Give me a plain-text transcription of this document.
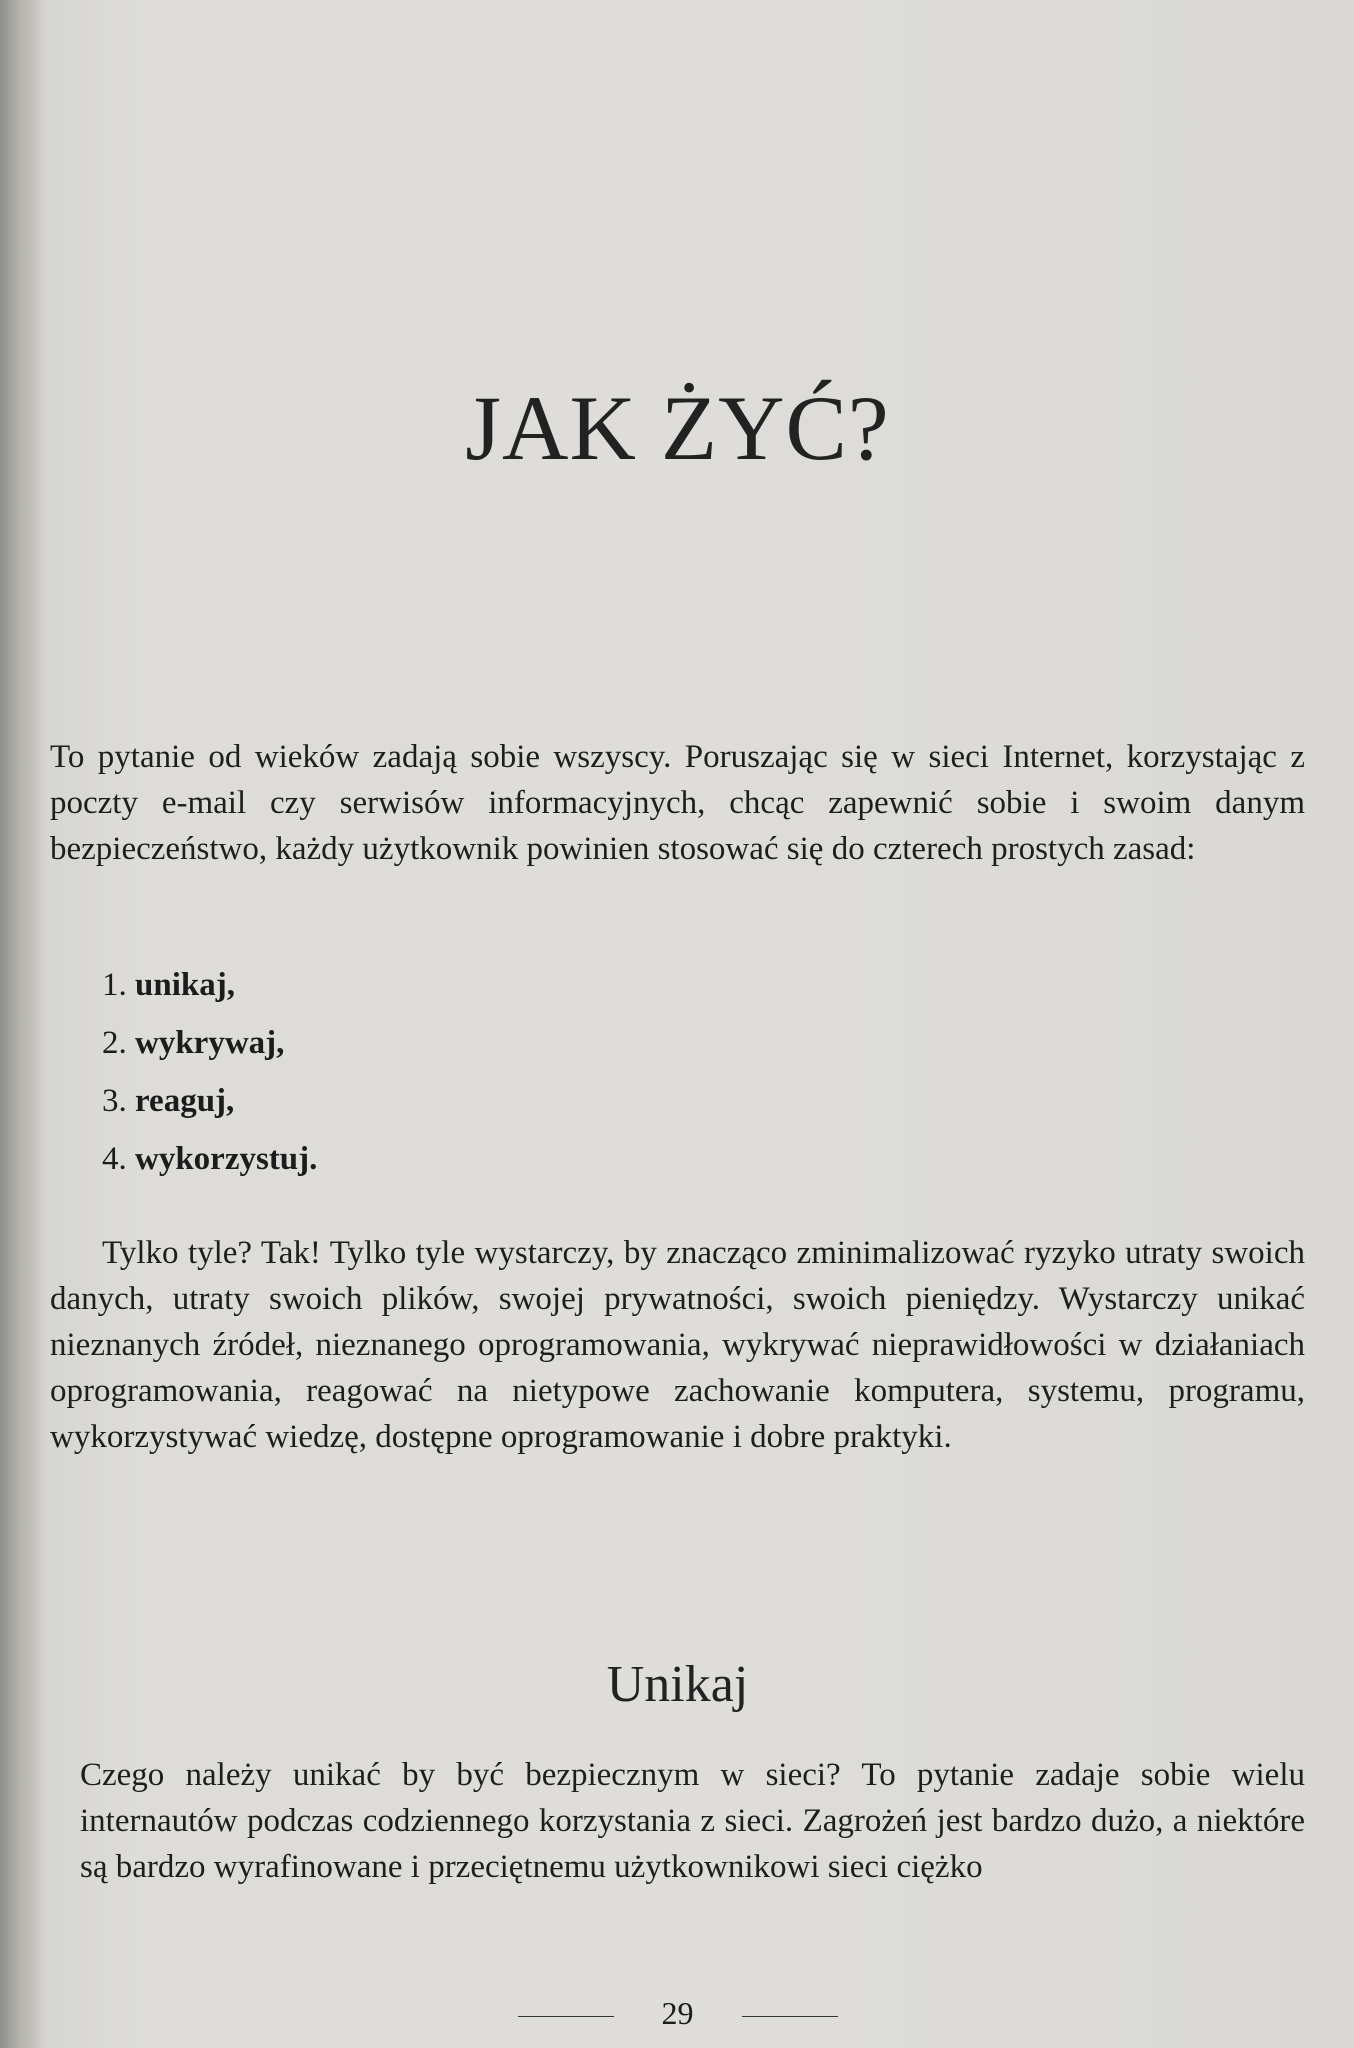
JAK ŻYĆ?

To pytanie od wieków zadają sobie wszyscy. Poruszając się w sieci Internet, korzystając z poczty e-mail czy serwisów informacyjnych, chcąc zapewnić sobie i swoim danym bezpieczeństwo, każdy użytkownik powinien stosować się do czterech prostych zasad:

1. unikaj,
2. wykrywaj,
3. reaguj,
4. wykorzystuj.

Tylko tyle? Tak! Tylko tyle wystarczy, by znacząco zminimalizować ryzyko utraty swoich danych, utraty swoich plików, swojej prywatności, swoich pieniędzy. Wystarczy unikać nieznanych źródeł, nieznanego oprogramowania, wykrywać nieprawidłowości w działaniach oprogramowania, reagować na nietypowe zachowanie komputera, systemu, programu, wykorzystywać wiedzę, dostępne oprogramowanie i dobre praktyki.

Unikaj

Czego należy unikać by być bezpiecznym w sieci? To pytanie zadaje sobie wielu internautów podczas codziennego korzystania z sieci. Zagrożeń jest bardzo dużo, a niektóre są bardzo wyrafinowane i przeciętnemu użytkownikowi sieci ciężko

29
